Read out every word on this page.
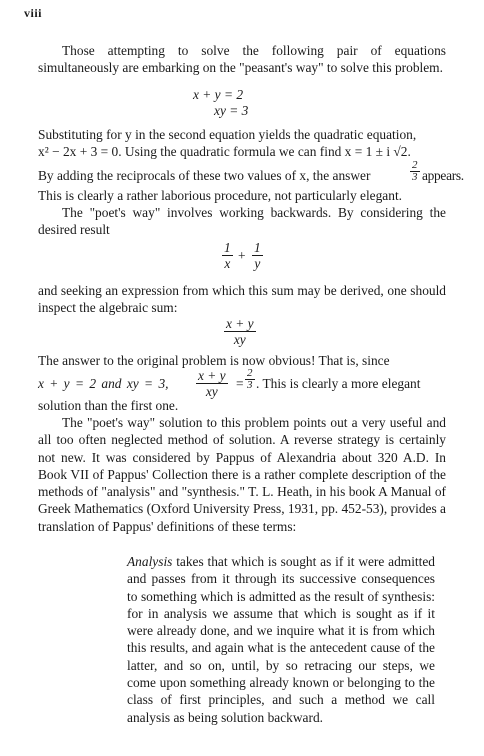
viii
Those attempting to solve the following pair of equations simultaneously are embarking on the "peasant's way" to solve this problem.
x + y = 2
xy = 3
Substituting for y in the second equation yields the quadratic equation,
x² − 2x + 3 = 0. Using the quadratic formula we can find x = 1 ± i √2.
By adding the reciprocals of these two values of x, the answer	$\frac{2}{3}$ appears.
This is clearly a rather laborious procedure, not particularly elegant.
The "poet's way" involves working backwards. By considering the desired result
$\frac{1}{x} + \frac{1}{y}$
and seeking an expression from which this sum may be derived, one should inspect the algebraic sum:
$\frac{x + y}{xy}$
The answer to the original problem is now obvious! That is, since
x + y = 2 and xy = 3, $\frac{x + y}{xy} = \frac{2}{3}$ . This is clearly a more elegant
solution than the first one.
The "poet's way" solution to this problem points out a very useful and all too often neglected method of solution. A reverse strategy is certainly not new. It was considered by Pappus of Alexandria about 320 A.D. In Book VII of Pappus' Collection there is a rather complete description of the methods of "analysis" and "synthesis." T. L. Heath, in his book A Manual of Greek Mathematics (Oxford University Press, 1931, pp. 452-53), provides a translation of Pappus' definitions of these terms:
Analysis takes that which is sought as if it were admitted and passes from it through its successive consequences to something which is admitted as the result of synthesis: for in analysis we assume that which is sought as if it were already done, and we inquire what it is from which this results, and again what is the antecedent cause of the latter, and so on, until, by so retracing our steps, we come upon something already known or belonging to the class of first principles, and such a method we call analysis as being solution backward.
